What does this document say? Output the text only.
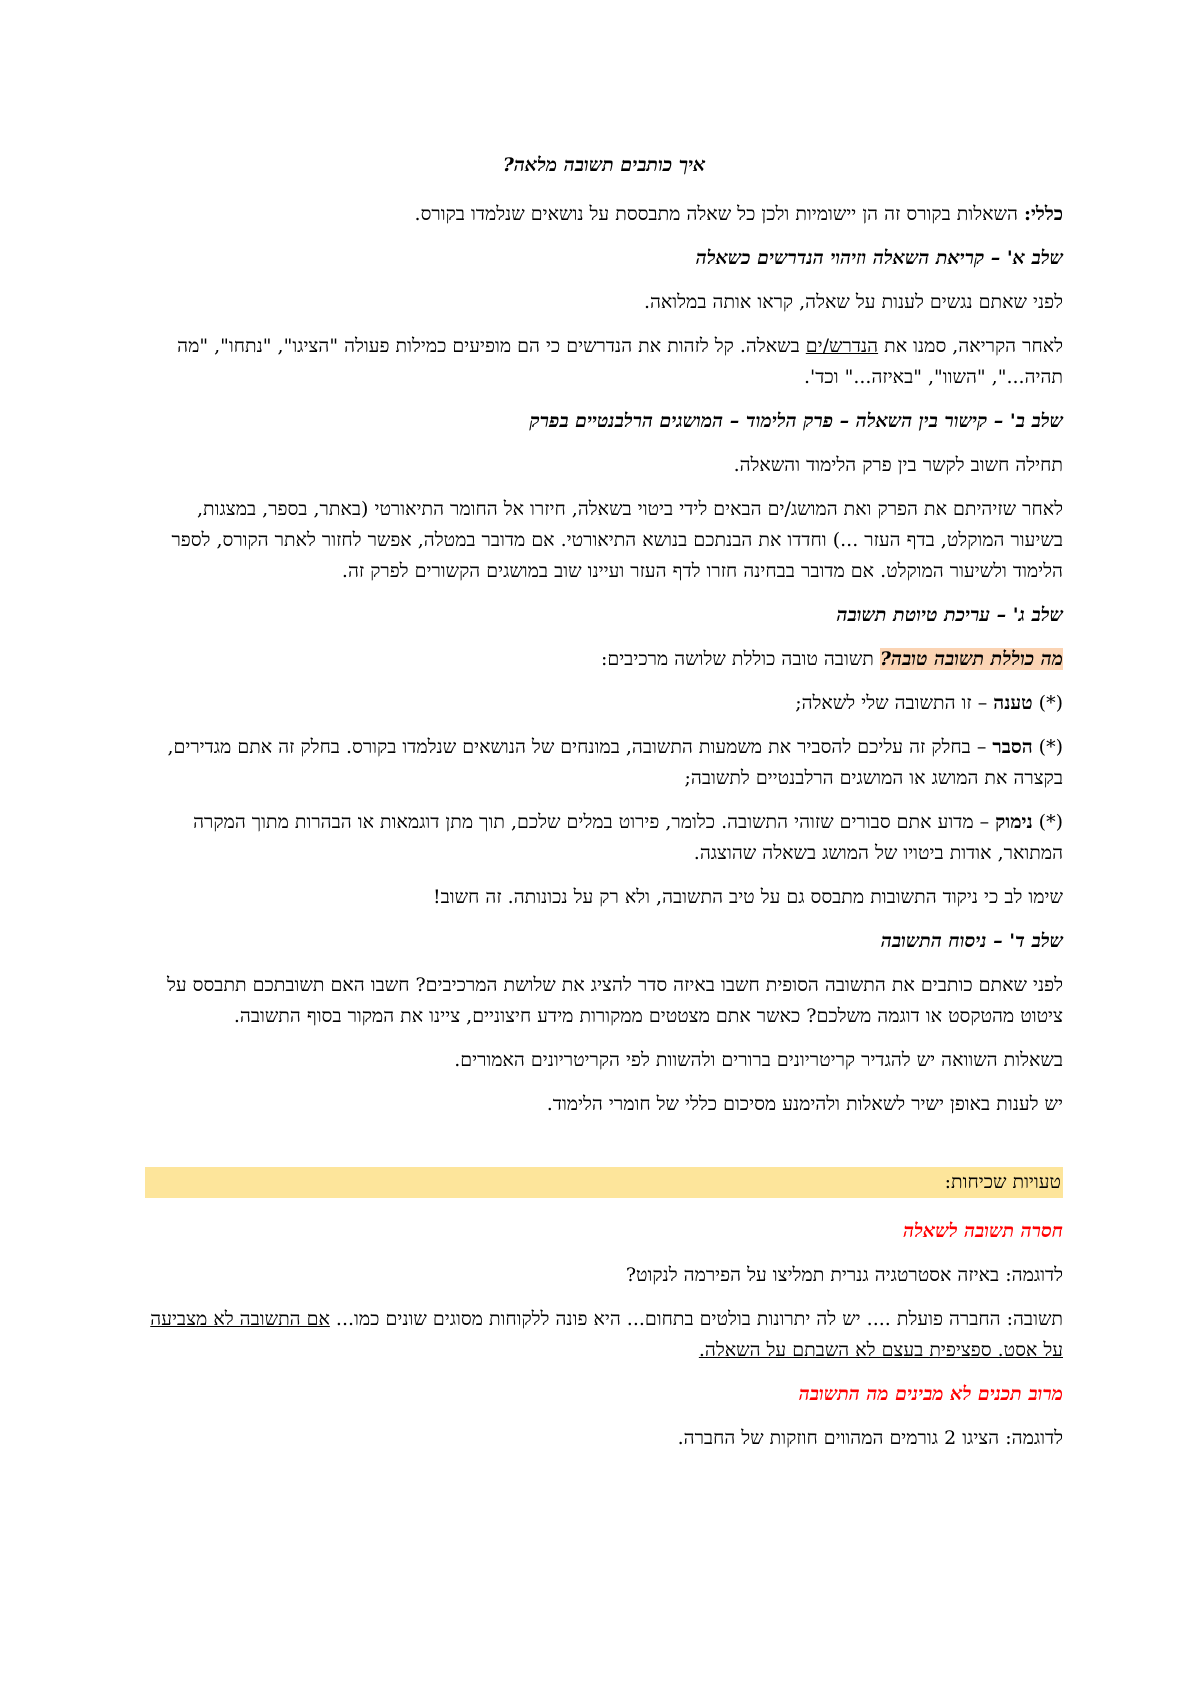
איך כותבים תשובה מלאה?
כללי: השאלות בקורס זה הן יישומיות ולכן כל שאלה מתבססת על נושאים שנלמדו בקורס.
שלב א' – קריאת השאלה וזיהוי הנדרשים כשאלה
לפני שאתם נגשים לענות על שאלה, קראו אותה במלואה.
לאחר הקריאה, סמנו את הנדרש/ים בשאלה. קל לזהות את הנדרשים כי הם מופיעים כמילות פעולה "הציגו", "נתחו", "מה תהיה...", "השוו", "באיזה..." וכד'.
שלב ב' – קישור בין השאלה – פרק הלימוד – המושגים הרלבנטיים בפרק
תחילה חשוב לקשר בין פרק הלימוד והשאלה.
לאחר שזיהיתם את הפרק ואת המושג/ים הבאים לידי ביטוי בשאלה, חיזרו אל החומר התיאורטי (באתר, בספר, במצגות, בשיעור המוקלט, בדף העזר ...) וחדדו את הבנתכם בנושא התיאורטי. אם מדובר במטלה, אפשר לחזור לאתר הקורס, לספר הלימוד ולשיעור המוקלט. אם מדובר בבחינה חזרו לדף העזר ועיינו שוב במושגים הקשורים לפרק זה.
שלב ג' – עריכת טיוטת תשובה
מה כוללת תשובה טובה? תשובה טובה כוללת שלושה מרכיבים:
(*) טענה – זו התשובה שלי לשאלה;
(*) הסבר – בחלק זה עליכם להסביר את משמעות התשובה, במונחים של הנושאים שנלמדו בקורס. בחלק זה אתם מגדירים, בקצרה את המושג או המושגים הרלבנטיים לתשובה;
(*) נימוק – מדוע אתם סבורים שזוהי התשובה. כלומר, פירוט במלים שלכם, תוך מתן דוגמאות או הבהרות מתוך המקרה המתואר, אודות ביטויו של המושג בשאלה שהוצגה.
שימו לב כי ניקוד התשובות מתבסס גם על טיב התשובה, ולא רק על נכונותה. זה חשוב!
שלב ד' – ניסוח התשובה
לפני שאתם כותבים את התשובה הסופית חשבו באיזה סדר להציג את שלושת המרכיבים? חשבו האם תשובתכם תתבסס על ציטוט מהטקסט או דוגמה משלכם? כאשר אתם מצטטים ממקורות מידע חיצוניים, ציינו את המקור בסוף התשובה.
בשאלות השוואה יש להגדיר קריטריונים ברורים ולהשוות לפי הקריטריונים האמורים.
יש לענות באופן ישיר לשאלות ולהימנע מסיכום כללי של חומרי הלימוד.
טעויות שכיחות:
חסרה תשובה לשאלה
לדוגמה: באיזה אסטרטגיה גנרית תמליצו על הפירמה לנקוט?
תשובה: החברה פועלת .... יש לה יתרונות בולטים בתחום... היא פונה ללקוחות מסוגים שונים כמו... אם התשובה לא מצביעה על אסט. ספציפית בעצם לא השבתם על השאלה.
מרוב תכנים לא מבינים מה התשובה
לדוגמה: הציגו 2 גורמים המהווים חוזקות של החברה.
